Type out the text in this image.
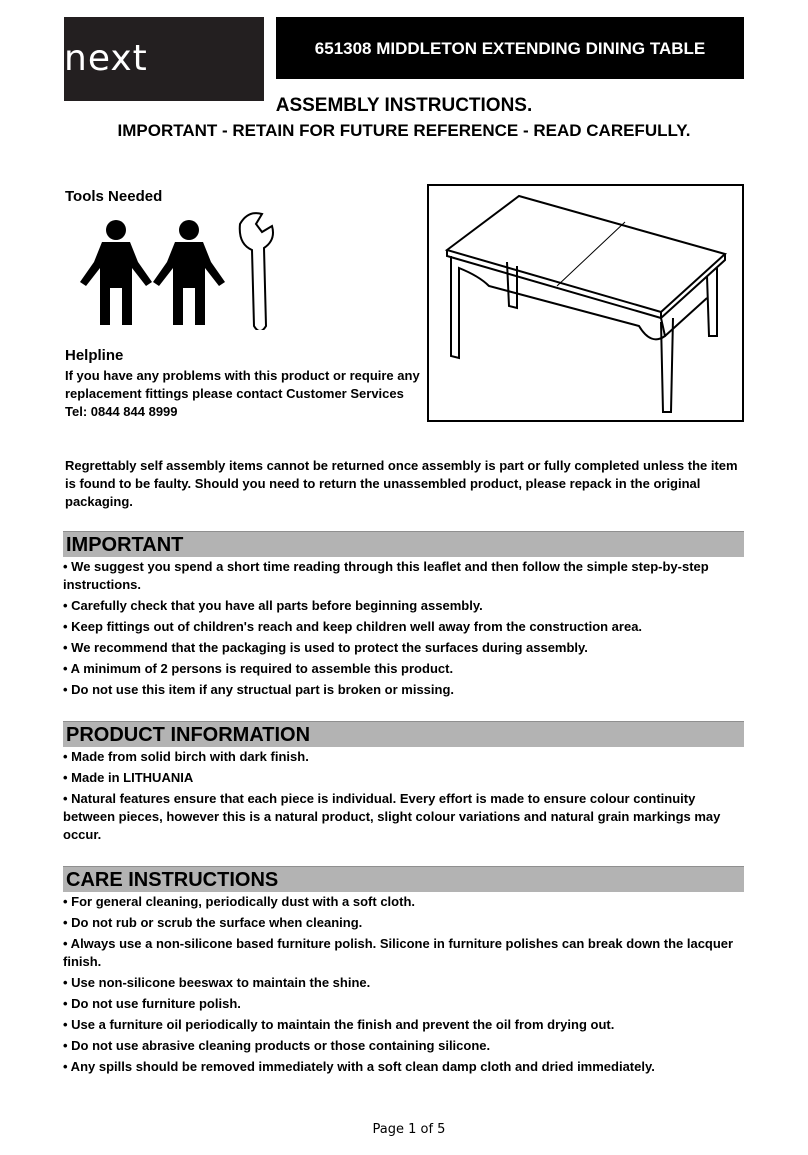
next	651308 MIDDLETON EXTENDING DINING TABLE
ASSEMBLY INSTRUCTIONS.
IMPORTANT - RETAIN FOR FUTURE REFERENCE - READ CAREFULLY.
Tools Needed
Helpline
If you have any problems with this product or require any replacement fittings please contact Customer Services Tel: 0844 844 8999
Regrettably self assembly items cannot be returned once assembly is part or fully completed unless the item is found to be faulty. Should you need to return the unassembled product, please repack in the original packaging.
IMPORTANT
• We suggest you spend a short time reading through this leaflet and then follow the simple step-by-step instructions.
• Carefully check that you have all parts before beginning assembly.
• Keep fittings out of children's reach and keep children well away from the construction area.
• We recommend that the packaging is used to protect the surfaces during assembly.
• A minimum of 2 persons is required to assemble this product.
• Do not use this item if any structual part is broken or missing.
PRODUCT INFORMATION
• Made from solid birch with dark finish.
• Made in LITHUANIA
• Natural features ensure that each piece is individual. Every effort is made to ensure colour continuity between pieces, however this is a natural product, slight colour variations and natural grain markings may occur.
CARE INSTRUCTIONS
• For general cleaning, periodically dust with a soft cloth.
• Do not rub or scrub the surface when cleaning.
• Always use a non-silicone based furniture polish. Silicone in furniture polishes can break down the lacquer finish.
• Use non-silicone beeswax to maintain the shine.
• Do not use furniture polish.
• Use a furniture oil periodically to maintain the finish and prevent the oil from drying out.
• Do not use abrasive cleaning products or those containing silicone.
• Any spills should be removed immediately with a soft clean damp cloth and dried immediately.
Page 1 of 5
